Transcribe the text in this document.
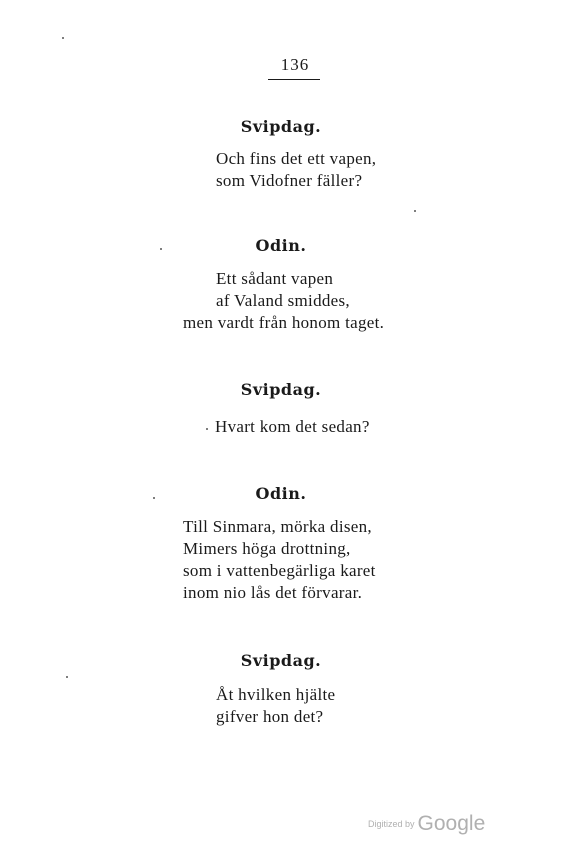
136
Svipdag.
Och fins det ett vapen,
som Vidofner fäller?
Odin.
Ett sådant vapen
af Valand smiddes,
men vardt från honom taget.
Svipdag.
Hvart kom det sedan?
Odin.
Till Sinmara, mörka disen,
Mimers höga drottning,
som i vattenbegärliga karet
inom nio lås det förvarar.
Svipdag.
Åt hvilken hjälte
gifver hon det?
Digitized by Google
